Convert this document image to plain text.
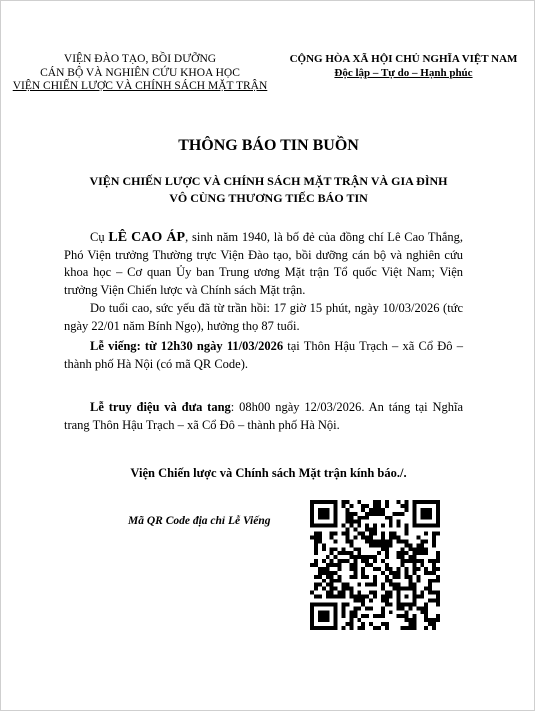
VIỆN ĐÀO TẠO, BỒI DƯỠNG
CÁN BỘ VÀ NGHIÊN CỨU KHOA HỌC
VIỆN CHIẾN LƯỢC VÀ CHÍNH SÁCH MẶT TRẬN
CỘNG HÒA XÃ HỘI CHỦ NGHĨA VIỆT NAM
Độc lập – Tự do – Hạnh phúc
THÔNG BÁO TIN BUỒN
VIỆN CHIẾN LƯỢC VÀ CHÍNH SÁCH MẶT TRẬN VÀ GIA ĐÌNH
VÔ CÙNG THƯƠNG TIẾC BÁO TIN

Cụ LÊ CAO ÁP, sinh năm 1940, là bố đẻ của đồng chí Lê Cao Thắng, Phó Viện trưởng Thường trực Viện Đào tạo, bồi dưỡng cán bộ và nghiên cứu khoa học – Cơ quan Ủy ban Trung ương Mặt trận Tổ quốc Việt Nam; Viện trưởng Viện Chiến lược và Chính sách Mặt trận.

Do tuổi cao, sức yếu đã từ trần hồi: 17 giờ 15 phút, ngày 10/03/2026 (tức ngày 22/01 năm Bính Ngọ), hưởng thọ 87 tuổi.

Lễ viếng: từ 12h30 ngày 11/03/2026 tại Thôn Hậu Trạch – xã Cổ Đô – thành phố Hà Nội (có mã QR Code).

Lễ truy điệu và đưa tang: 08h00 ngày 12/03/2026. An táng tại Nghĩa trang Thôn Hậu Trạch – xã Cổ Đô – thành phố Hà Nội.

Viện Chiến lược và Chính sách Mặt trận kính báo./.
Mã QR Code địa chỉ Lễ Viếng
